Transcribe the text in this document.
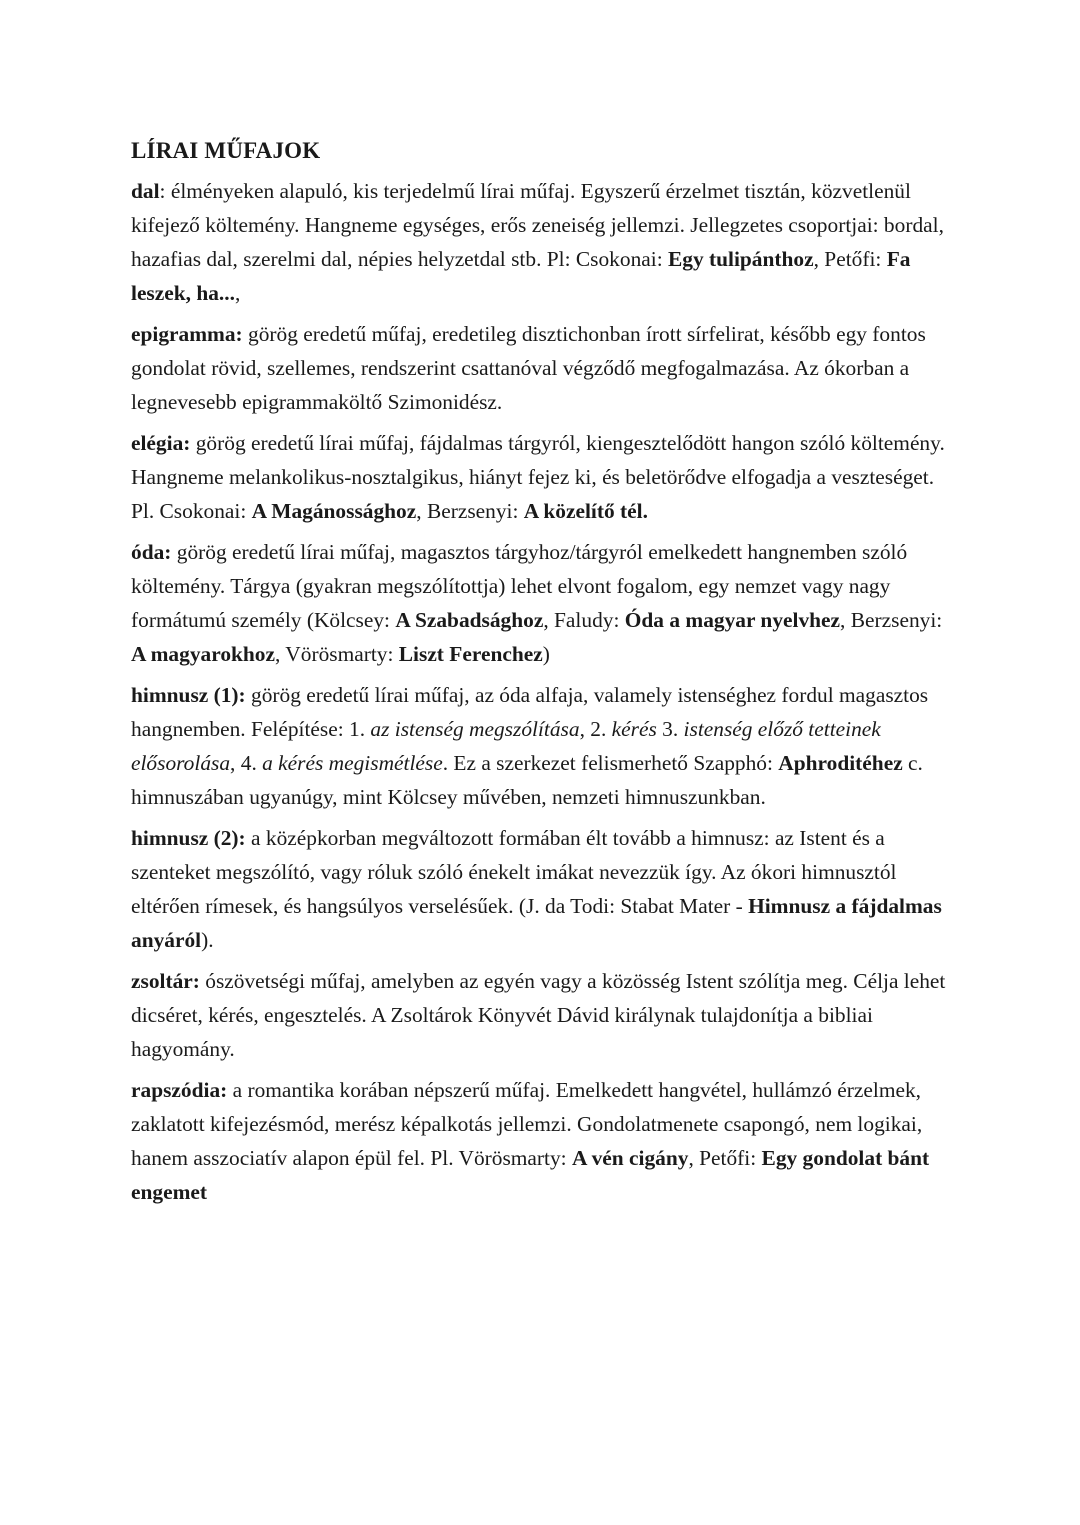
LÍRAI MŰFAJOK

dal: élményeken alapuló, kis terjedelmű lírai műfaj. Egyszerű érzelmet tisztán, közvetlenül kifejező költemény. Hangneme egységes, erős zeneiség jellemzi. Jellegzetes csoportjai: bordal, hazafias dal, szerelmi dal, népies helyzetdal stb. Pl: Csokonai: Egy tulipánthoz, Petőfi: Fa leszek, ha...,

epigramma: görög eredetű műfaj, eredetileg disztichonban írott sírfelirat, később egy fontos gondolat rövid, szellemes, rendszerint csattanóval végződő megfogalmazása. Az ókorban a legnevesebb epigrammaköltő Szimonidész.

elégia: görög eredetű lírai műfaj, fájdalmas tárgyról, kiengesztelődött hangon szóló költemény. Hangneme melankolikus-nosztalgikus, hiányt fejez ki, és beletörődve elfogadja a veszteséget. Pl. Csokonai: A Magánossághoz, Berzsenyi: A közelítő tél.

óda: görög eredetű lírai műfaj, magasztos tárgyhoz/tárgyról emelkedett hangnemben szóló költemény. Tárgya (gyakran megszólítottja) lehet elvont fogalom, egy nemzet vagy nagy formátumú személy (Kölcsey: A Szabadsághoz, Faludy: Óda a magyar nyelvhez, Berzsenyi: A magyarokhoz, Vörösmarty: Liszt Ferenchez)

himnusz (1): görög eredetű lírai műfaj, az óda alfaja, valamely istenséghez fordul magasztos hangnemben. Felépítése: 1. az istenség megszólítása, 2. kérés 3. istenség előző tetteinek elősorolása, 4. a kérés megismétlése. Ez a szerkezet felismerhető Szapphó: Aphroditéhez c. himnuszában ugyanúgy, mint Kölcsey művében, nemzeti himnuszunkban.

himnusz (2): a középkorban megváltozott formában élt tovább a himnusz: az Istent és a szenteket megszólító, vagy róluk szóló énekelt imákat nevezzük így. Az ókori himnusztól eltérően rímesek, és hangsúlyos verselésűek. (J. da Todi: Stabat Mater - Himnusz a fájdalmas anyáról).

zsoltár: ószövetségi műfaj, amelyben az egyén vagy a közösség Istent szólítja meg. Célja lehet dicséret, kérés, engesztelés. A Zsoltárok Könyvét Dávid királynak tulajdonítja a bibliai hagyomány.

rapszódia: a romantika korában népszerű műfaj. Emelkedett hangvétel, hullámzó érzelmek, zaklatott kifejezésmód, merész képalkotás jellemzi. Gondolatmenete csapongó, nem logikai, hanem asszociatív alapon épül fel. Pl. Vörösmarty: A vén cigány, Petőfi: Egy gondolat bánt engemet
